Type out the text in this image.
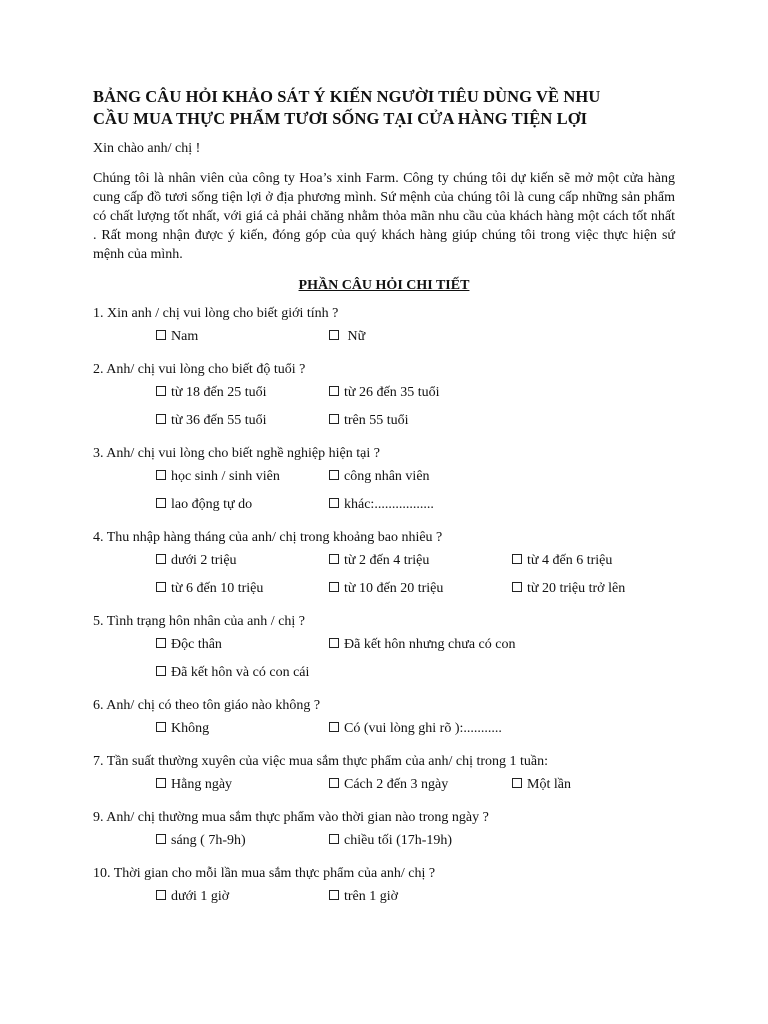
BẢNG CÂU HỎI KHẢO SÁT Ý KIẾN NGƯỜI TIÊU DÙNG VỀ NHU
CẦU MUA THỰC PHẨM TƯƠI SỐNG TẠI CỬA HÀNG TIỆN LỢI

Xin chào anh/ chị !

Chúng tôi là nhân viên của công ty Hoa’s xinh Farm. Công ty chúng tôi dự kiến sẽ mở một cửa hàng cung cấp đồ tươi sống tiện lợi ở địa phương mình. Sứ mệnh của chúng tôi là cung cấp những sản phẩm có chất lượng tốt nhất, với giá cả phải chăng nhằm thỏa mãn nhu cầu của khách hàng một cách tốt nhất . Rất mong nhận được ý kiến, đóng góp của quý khách hàng giúp chúng tôi trong việc thực hiện sứ mệnh của mình.

PHẦN CÂU HỎI CHI TIẾT

1. Xin anh / chị vui lòng cho biết giới tính ?

Nam	Nữ

2. Anh/ chị vui lòng cho biết độ tuổi ?

từ 18 đến 25 tuổi	từ 26 đến 35 tuổi
từ 36 đến 55 tuổi	trên 55 tuổi

3. Anh/ chị vui lòng cho biết nghề nghiệp hiện tại ?

học sinh / sinh viên	công nhân viên
lao động tự do	khác:.................

4. Thu nhập hàng tháng của anh/ chị trong khoảng bao nhiêu ?

dưới 2 triệu	từ 2 đến 4 triệu	từ 4 đến 6 triệu
từ 6 đến 10 triệu	từ 10 đến 20 triệu	từ 20 triệu trở lên

5. Tình trạng hôn nhân của anh / chị ?

Độc thân	Đã kết hôn nhưng chưa có con
Đã kết hôn và có con cái

6. Anh/ chị có theo tôn giáo nào không ?

Không	Có (vui lòng ghi rõ ):...........

7. Tần suất thường xuyên của việc mua sắm thực phẩm của anh/ chị trong 1 tuần:

Hằng ngày	Cách 2 đến 3 ngày	Một lần

9. Anh/ chị thường mua sắm thực phẩm vào thời gian nào trong ngày ?

sáng ( 7h-9h)	chiều tối (17h-19h)

10. Thời gian cho mỗi lần mua sắm thực phẩm của anh/ chị ?

dưới 1 giờ	trên 1 giờ
